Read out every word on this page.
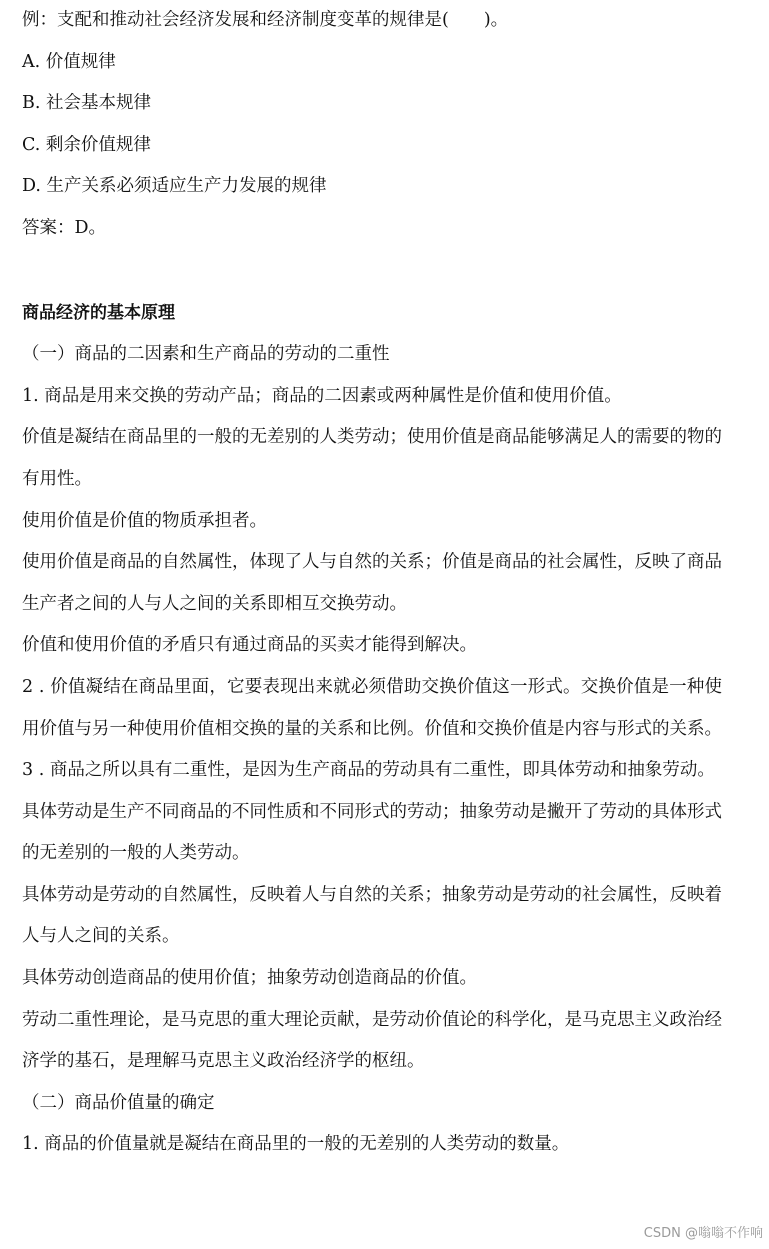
例：支配和推动社会经济发展和经济制度变革的规律是(　　)。
A. 价值规律
B. 社会基本规律
C. 剩余价值规律
D. 生产关系必须适应生产力发展的规律
答案：D。
商品经济的基本原理
（一）商品的二因素和生产商品的劳动的二重性

1. 商品是用来交换的劳动产品；商品的二因素或两种属性是价值和使用价值。

价值是凝结在商品里的一般的无差别的人类劳动；使用价值是商品能够满足人的需要的物的有用性。

使用价值是价值的物质承担者。

使用价值是商品的自然属性，体现了人与自然的关系；价值是商品的社会属性，反映了商品生产者之间的人与人之间的关系即相互交换劳动。

价值和使用价值的矛盾只有通过商品的买卖才能得到解决。

2 . 价值凝结在商品里面，它要表现出来就必须借助交换价值这一形式。交换价值是一种使用价值与另一种使用价值相交换的量的关系和比例。价值和交换价值是内容与形式的关系。

3 . 商品之所以具有二重性，是因为生产商品的劳动具有二重性，即具体劳动和抽象劳动。

具体劳动是生产不同商品的不同性质和不同形式的劳动；抽象劳动是撇开了劳动的具体形式的无差别的一般的人类劳动。

具体劳动是劳动的自然属性，反映着人与自然的关系；抽象劳动是劳动的社会属性，反映着人与人之间的关系。

具体劳动创造商品的使用价值；抽象劳动创造商品的价值。

劳动二重性理论，是马克思的重大理论贡献，是劳动价值论的科学化，是马克思主义政治经济学的基石，是理解马克思主义政治经济学的枢纽。

（二）商品价值量的确定
1. 商品的价值量就是凝结在商品里的一般的无差别的人类劳动的数量。
CSDN @嗡嗡不作响
